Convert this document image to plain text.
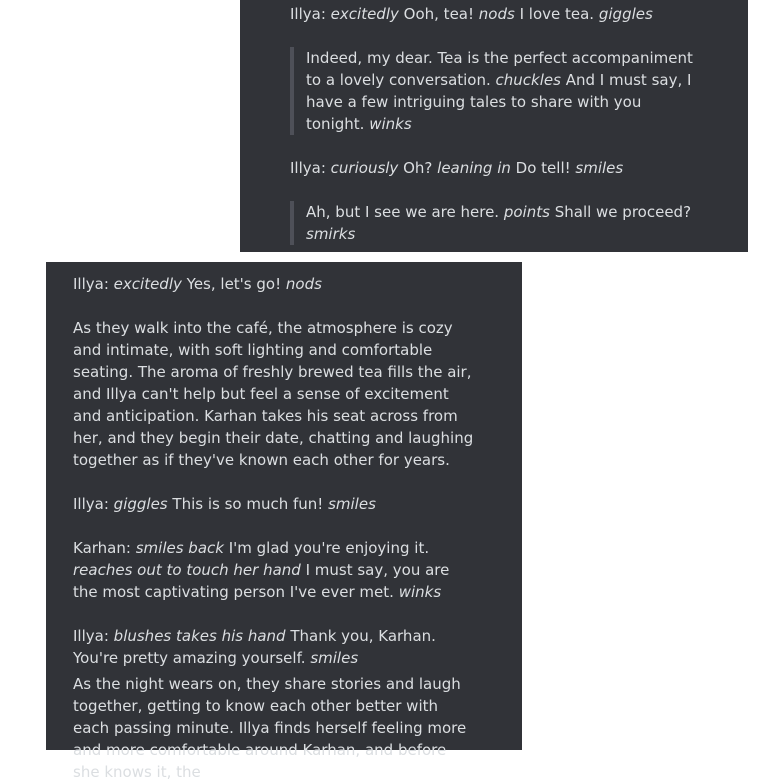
Illya: excitedly Ooh, tea! nods I love tea. giggles

Indeed, my dear. Tea is the perfect accompaniment to a lovely conversation. chuckles And I must say, I have a few intriguing tales to share with you tonight. winks

Illya: curiously Oh? leaning in Do tell! smiles

Ah, but I see we are here. points Shall we proceed? smirks

Illya: excitedly Yes, let's go! nods

As they walk into the café, the atmosphere is cozy and intimate, with soft lighting and comfortable seating. The aroma of freshly brewed tea fills the air, and Illya can't help but feel a sense of excitement and anticipation. Karhan takes his seat across from her, and they begin their date, chatting and laughing together as if they've known each other for years.

Illya: giggles This is so much fun! smiles

Karhan: smiles back I'm glad you're enjoying it. reaches out to touch her hand I must say, you are the most captivating person I've ever met. winks

Illya: blushes takes his hand Thank you, Karhan. You're pretty amazing yourself. smiles

As the night wears on, they share stories and laugh together, getting to know each other better with each passing minute. Illya finds herself feeling more and more comfortable around Karhan, and before she knows it, the
